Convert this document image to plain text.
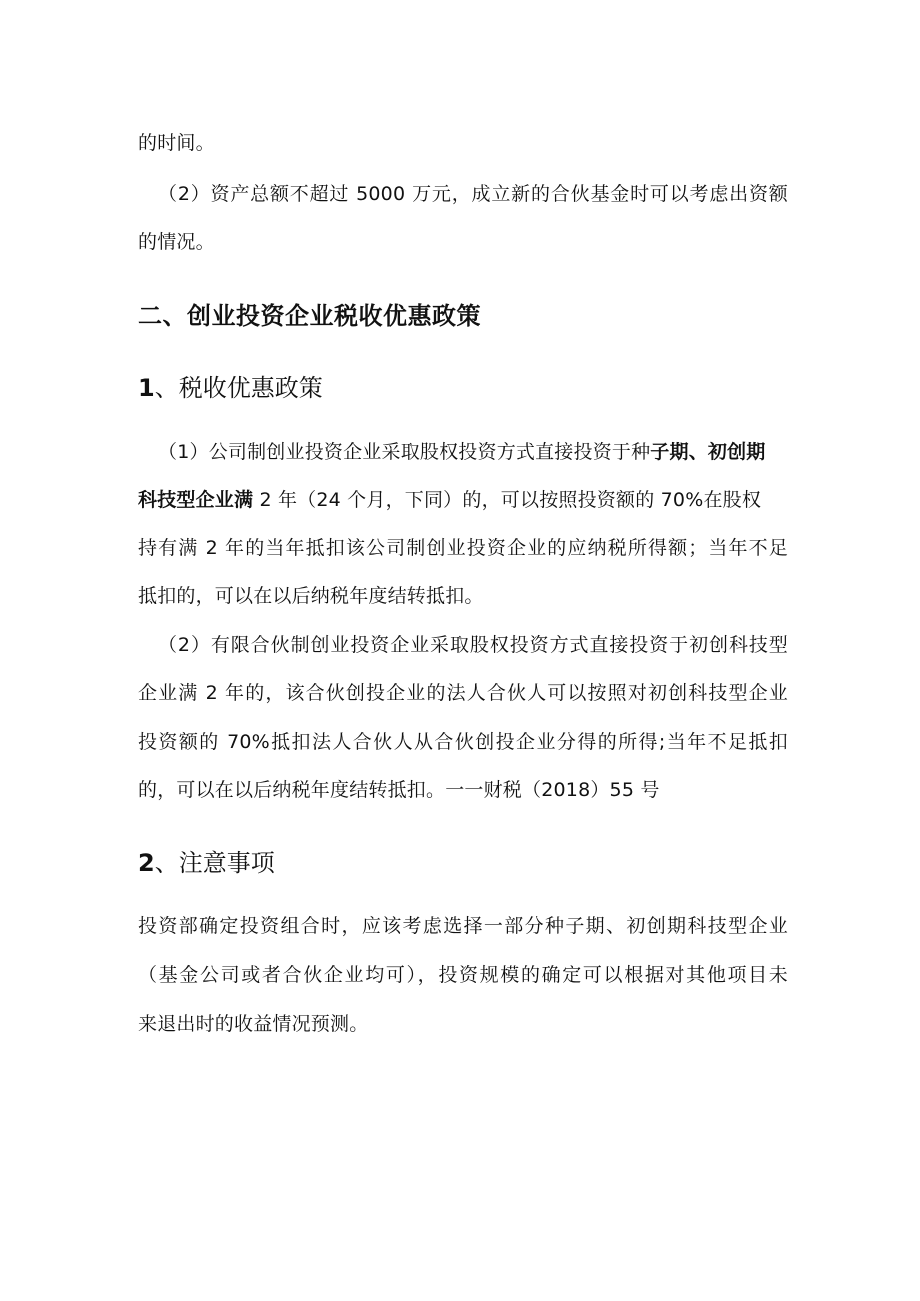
的时间。
（2）资产总额不超过 5000 万元，成立新的合伙基金时可以考虑出资额
的情况。
二、创业投资企业税收优惠政策
1、税收优惠政策
（1）公司制创业投资企业采取股权投资方式直接投资于种子期、初创期
科技型企业满 2 年（24 个月，下同）的，可以按照投资额的 70%在股权
持有满 2 年的当年抵扣该公司制创业投资企业的应纳税所得额；当年不足
抵扣的，可以在以后纳税年度结转抵扣。
（2）有限合伙制创业投资企业采取股权投资方式直接投资于初创科技型
企业满 2 年的，该合伙创投企业的法人合伙人可以按照对初创科技型企业
投资额的 70%抵扣法人合伙人从合伙创投企业分得的所得;当年不足抵扣
的，可以在以后纳税年度结转抵扣。一一财税（2018）55 号
2、注意事项
投资部确定投资组合时，应该考虑选择一部分种子期、初创期科技型企业
（基金公司或者合伙企业均可），投资规模的确定可以根据对其他项目未
来退出时的收益情况预测。
